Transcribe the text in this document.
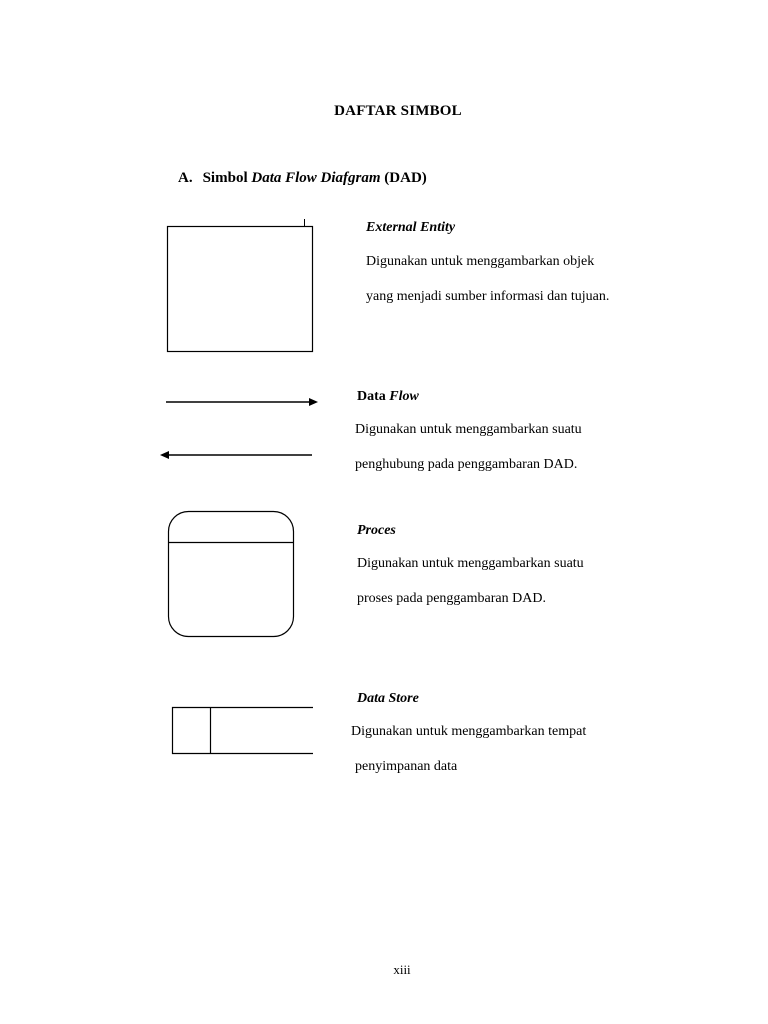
DAFTAR SIMBOL
A. Simbol Data Flow Diafgram (DAD)
External Entity
Digunakan untuk menggambarkan objek
yang menjadi sumber informasi dan tujuan.
Data Flow
Digunakan untuk menggambarkan suatu
penghubung pada penggambaran DAD.
Proces
Digunakan untuk menggambarkan suatu
proses pada penggambaran DAD.
Data Store
Digunakan untuk menggambarkan tempat
penyimpanan data
xiii
